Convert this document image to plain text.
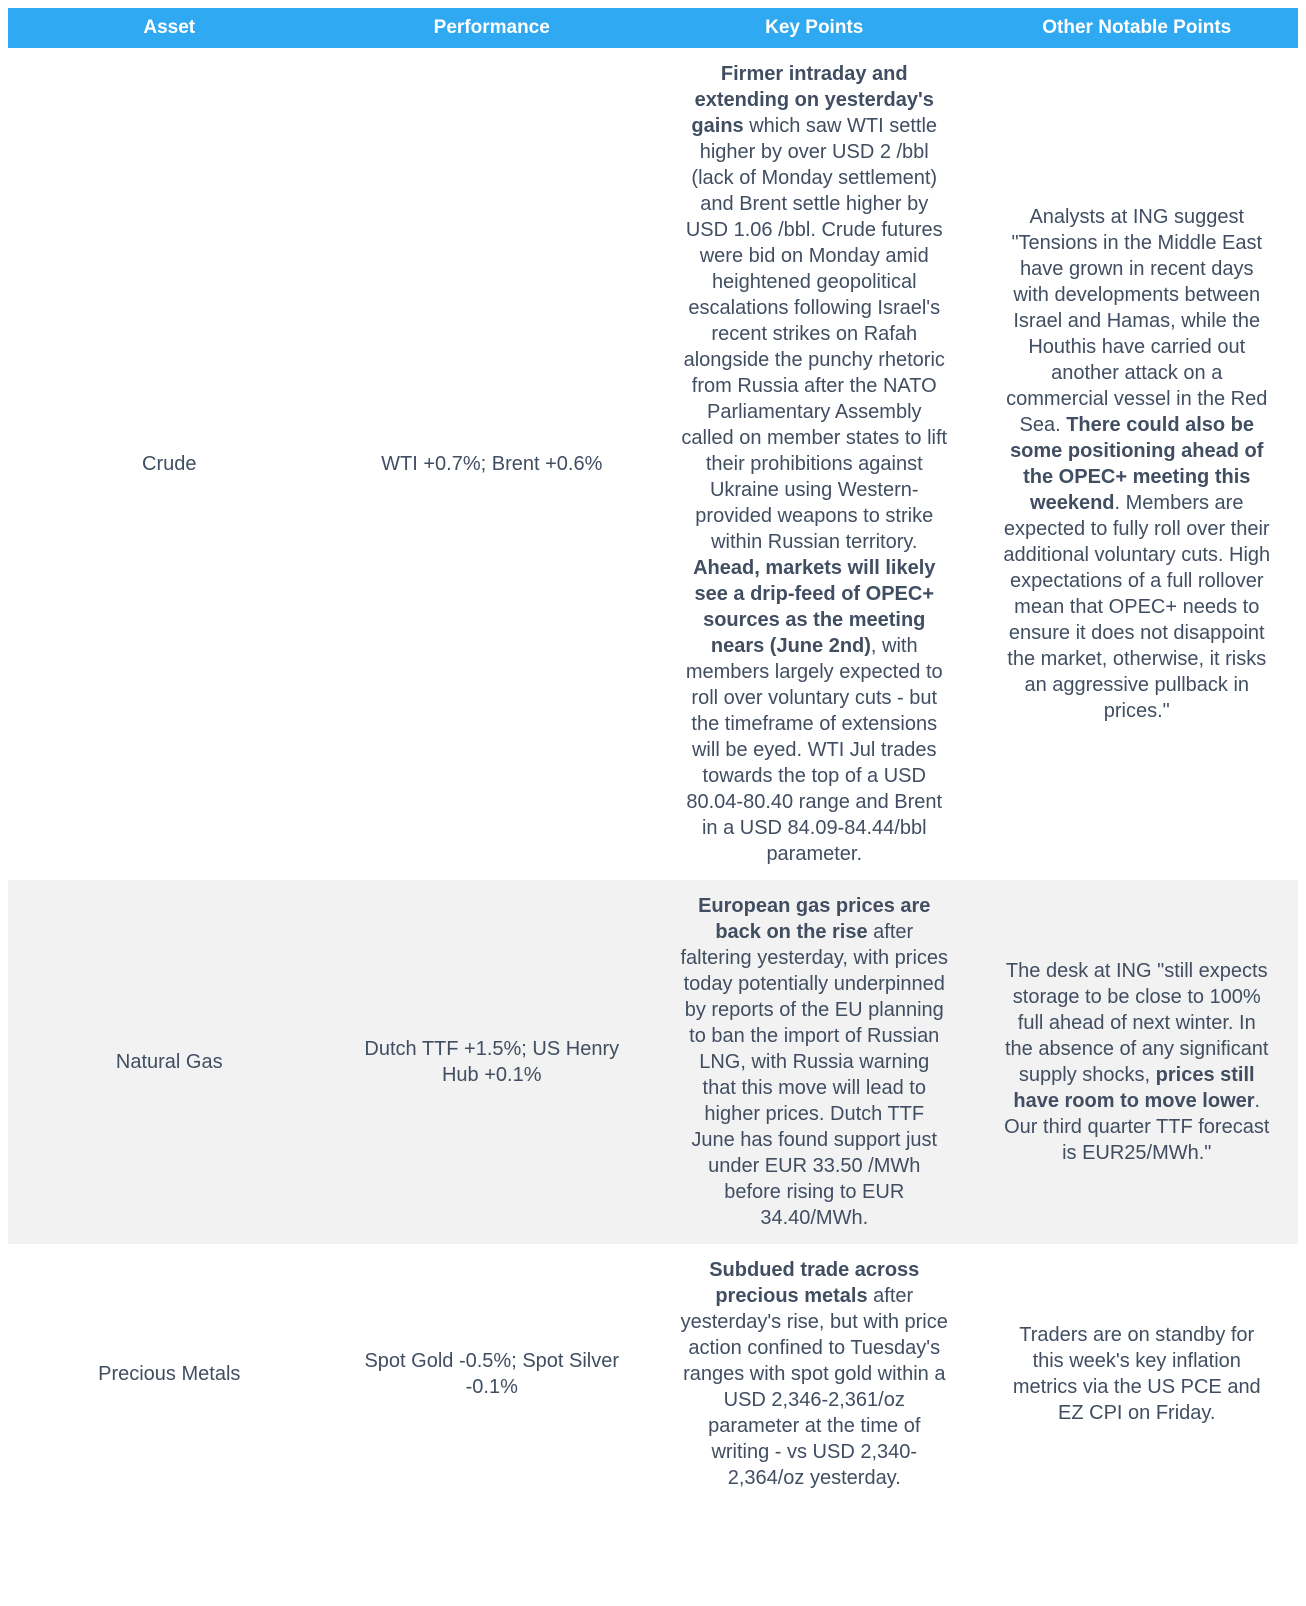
Asset	Performance	Key Points	Other Notable Points
Crude	WTI +0.7%; Brent +0.6%	Firmer intraday and extending on yesterday's gains which saw WTI settle higher by over USD 2 /bbl (lack of Monday settlement) and Brent settle higher by USD 1.06 /bbl. Crude futures were bid on Monday amid heightened geopolitical escalations following Israel's recent strikes on Rafah alongside the punchy rhetoric from Russia after the NATO Parliamentary Assembly called on member states to lift their prohibitions against Ukraine using Western-provided weapons to strike within Russian territory. Ahead, markets will likely see a drip-feed of OPEC+ sources as the meeting nears (June 2nd), with members largely expected to roll over voluntary cuts - but the timeframe of extensions will be eyed. WTI Jul trades towards the top of a USD 80.04-80.40 range and Brent in a USD 84.09-84.44/bbl parameter.	Analysts at ING suggest "Tensions in the Middle East have grown in recent days with developments between Israel and Hamas, while the Houthis have carried out another attack on a commercial vessel in the Red Sea. There could also be some positioning ahead of the OPEC+ meeting this weekend. Members are expected to fully roll over their additional voluntary cuts. High expectations of a full rollover mean that OPEC+ needs to ensure it does not disappoint the market, otherwise, it risks an aggressive pullback in prices."
Natural Gas	Dutch TTF +1.5%; US Henry Hub +0.1%	European gas prices are back on the rise after faltering yesterday, with prices today potentially underpinned by reports of the EU planning to ban the import of Russian LNG, with Russia warning that this move will lead to higher prices. Dutch TTF June has found support just under EUR 33.50 /MWh before rising to EUR 34.40/MWh.	The desk at ING "still expects storage to be close to 100% full ahead of next winter. In the absence of any significant supply shocks, prices still have room to move lower. Our third quarter TTF forecast is EUR25/MWh."
Precious Metals	Spot Gold -0.5%; Spot Silver -0.1%	Subdued trade across precious metals after yesterday's rise, but with price action confined to Tuesday's ranges with spot gold within a USD 2,346-2,361/oz parameter at the time of writing - vs USD 2,340-2,364/oz yesterday.	Traders are on standby for this week's key inflation metrics via the US PCE and EZ CPI on Friday.
